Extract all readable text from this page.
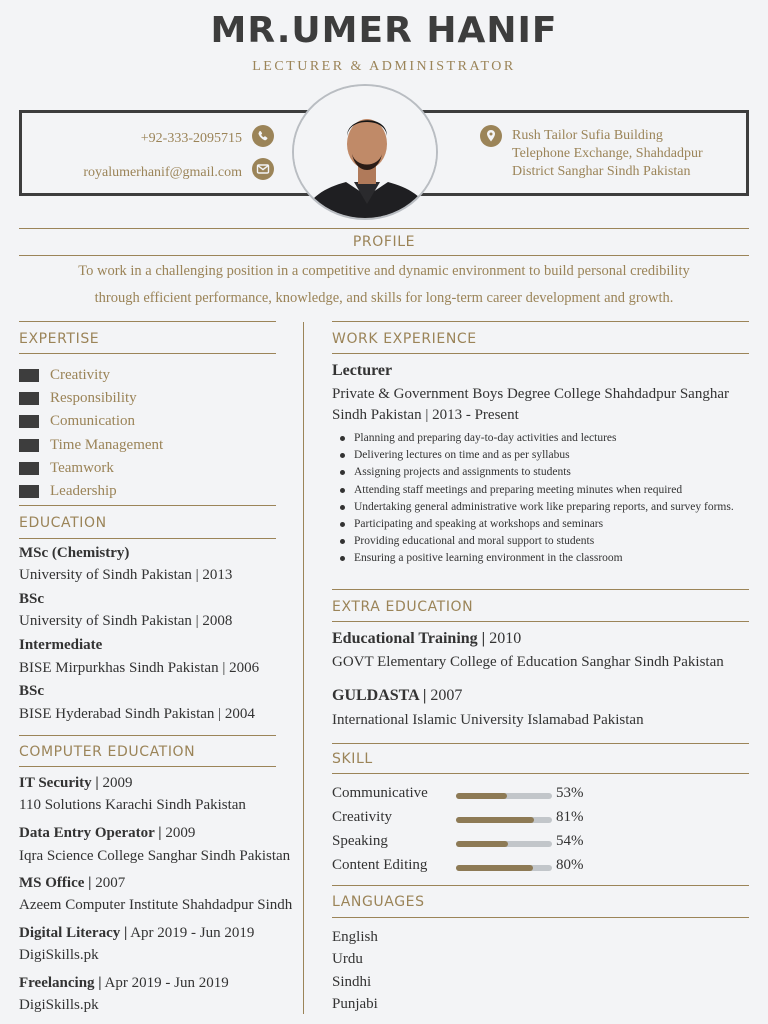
MR.UMER HANIF
LECTURER & ADMINISTRATOR
+92-333-2095715
royalumerhanif@gmail.com
Rush Tailor Sufia Building
Telephone Exchange, Shahdadpur
District Sanghar Sindh Pakistan
PROFILE
To work in a challenging position in a competitive and dynamic environment to build personal credibility
through efficient performance, knowledge, and skills for long-term career development and growth.
EXPERTISE
Creativity
Responsibility
Comunication
Time Management
Teamwork
Leadership
EDUCATION
MSc (Chemistry)
University of Sindh Pakistan | 2013
BSc
University of Sindh Pakistan | 2008
Intermediate
BISE Mirpurkhas Sindh Pakistan | 2006
BSc
BISE Hyderabad Sindh Pakistan | 2004
COMPUTER EDUCATION
IT Security | 2009
110 Solutions Karachi Sindh Pakistan
Data Entry Operator | 2009
Iqra Science College Sanghar Sindh Pakistan
MS Office | 2007
Azeem Computer Institute Shahdadpur Sindh
Digital Literacy | Apr 2019 - Jun 2019
DigiSkills.pk
Freelancing | Apr 2019 - Jun 2019
DigiSkills.pk
WORK EXPERIENCE
Lecturer
Private & Government Boys Degree College Shahdadpur Sanghar
Sindh Pakistan | 2013 - Present
Planning and preparing day-to-day activities and lectures
Delivering lectures on time and as per syllabus
Assigning projects and assignments to students
Attending staff meetings and preparing meeting minutes when required
Undertaking general administrative work like preparing reports, and survey forms.
Participating and speaking at workshops and seminars
Providing educational and moral support to students
Ensuring a positive learning environment in the classroom
EXTRA EDUCATION
Educational Training | 2010
GOVT Elementary College of Education Sanghar Sindh Pakistan
GULDASTA | 2007
International Islamic University Islamabad Pakistan
SKILL
Communicative	53%
Creativity	81%
Speaking	54%
Content Editing	80%
LANGUAGES
English
Urdu
Sindhi
Punjabi
